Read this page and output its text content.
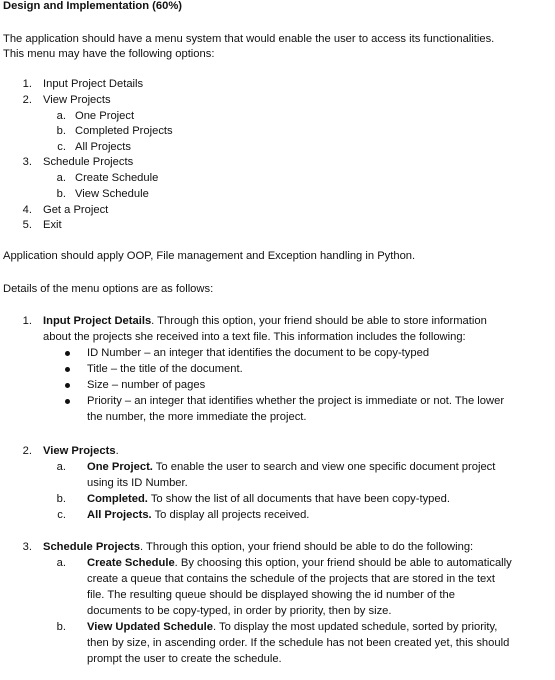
Design and Implementation (60%)
The application should have a menu system that would enable the user to access its functionalities.
This menu may have the following options:
1. Input Project Details
2. View Projects
a. One Project
b. Completed Projects
c. All Projects
3. Schedule Projects
a. Create Schedule
b. View Schedule
4. Get a Project
5. Exit
Application should apply OOP, File management and Exception handling in Python.
Details of the menu options are as follows:
1. Input Project Details. Through this option, your friend should be able to store information
about the projects she received into a text file. This information includes the following:
ID Number – an integer that identifies the document to be copy-typed
Title – the title of the document.
Size – number of pages
Priority – an integer that identifies whether the project is immediate or not. The lower
the number, the more immediate the project.
2. View Projects.
a. One Project. To enable the user to search and view one specific document project
using its ID Number.
b. Completed. To show the list of all documents that have been copy-typed.
c. All Projects. To display all projects received.
3. Schedule Projects. Through this option, your friend should be able to do the following:
a. Create Schedule. By choosing this option, your friend should be able to automatically
create a queue that contains the schedule of the projects that are stored in the text
file. The resulting queue should be displayed showing the id number of the
documents to be copy-typed, in order by priority, then by size.
b. View Updated Schedule. To display the most updated schedule, sorted by priority,
then by size, in ascending order. If the schedule has not been created yet, this should
prompt the user to create the schedule.
